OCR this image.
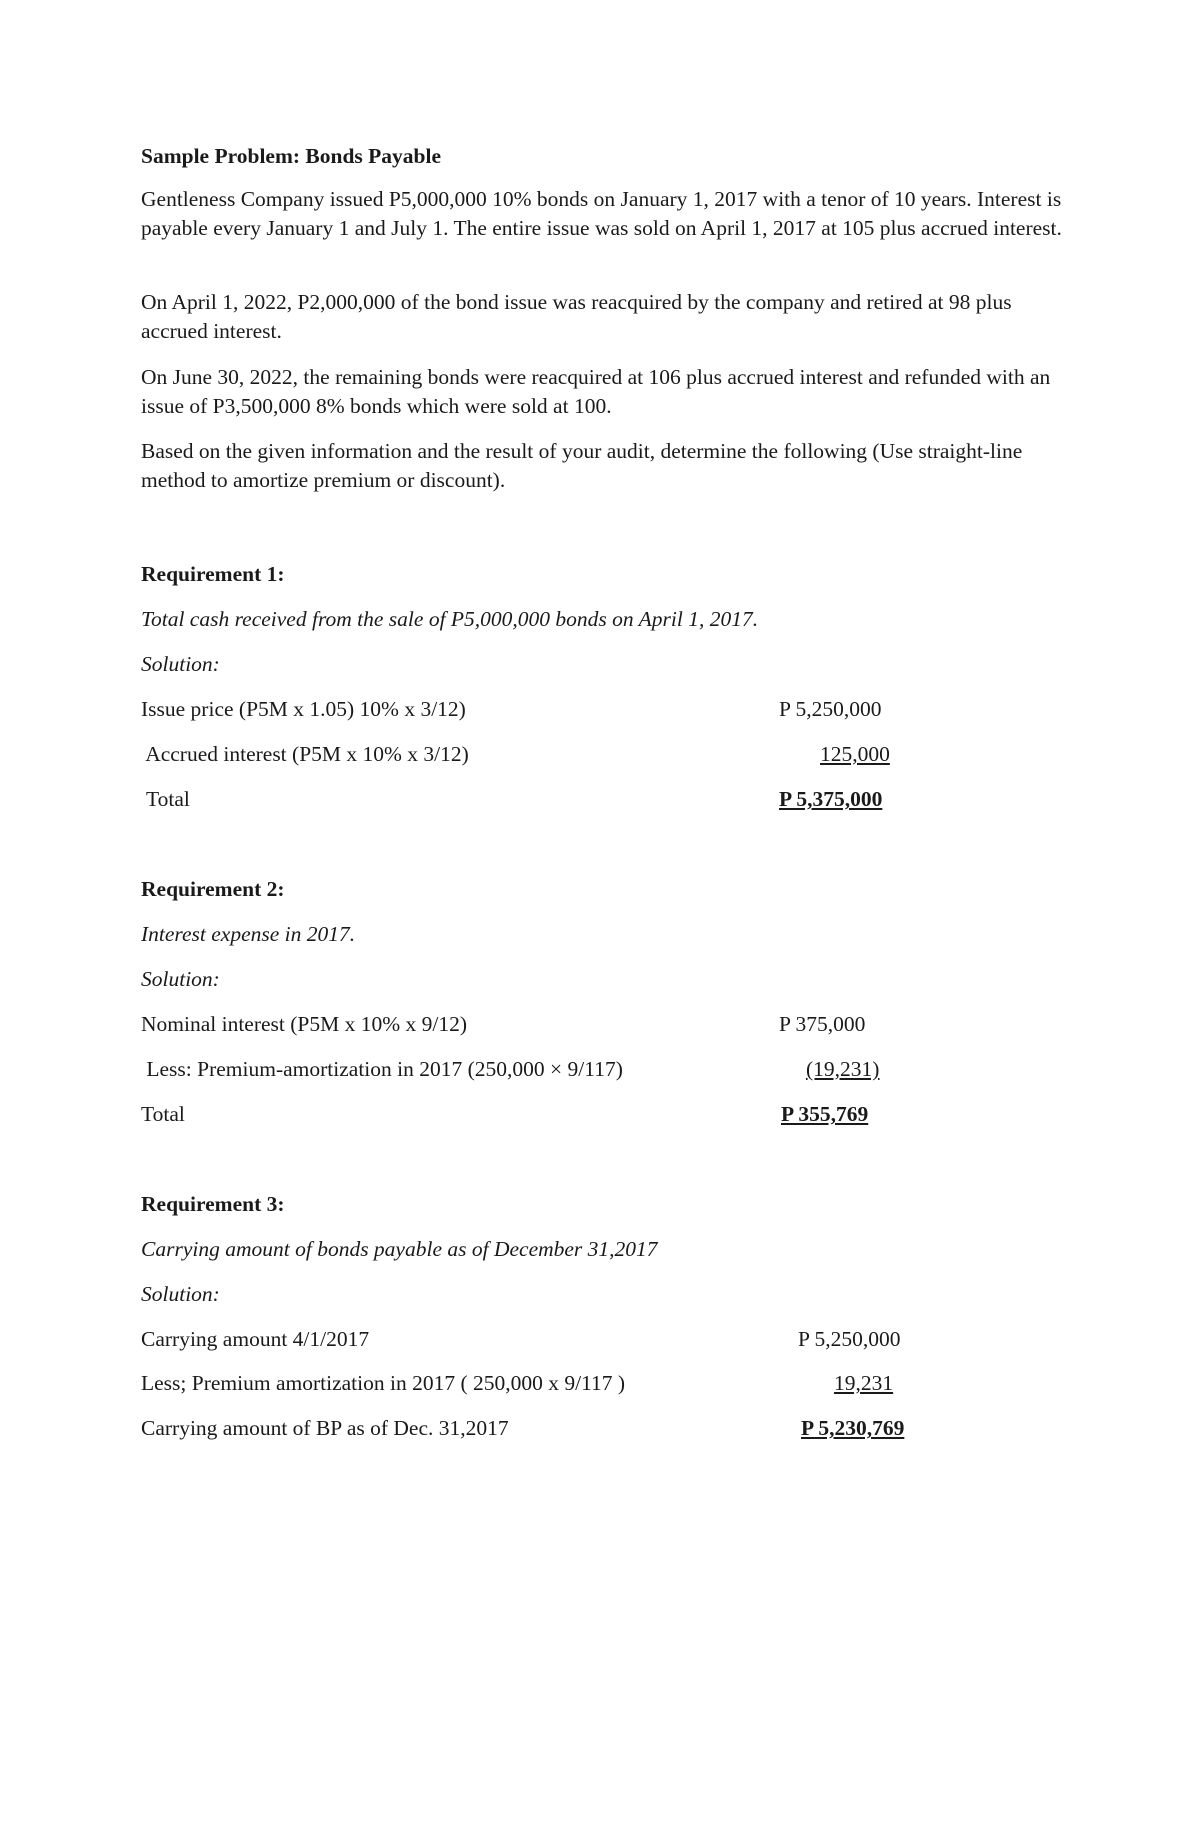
Sample Problem: Bonds Payable

Gentleness Company issued P5,000,000 10% bonds on January 1, 2017 with a tenor of 10 years. Interest is payable every January 1 and July 1. The entire issue was sold on April 1, 2017 at 105 plus accrued interest.

On April 1, 2022, P2,000,000 of the bond issue was reacquired by the company and retired at 98 plus accrued interest.

On June 30, 2022, the remaining bonds were reacquired at 106 plus accrued interest and refunded with an issue of P3,500,000 8% bonds which were sold at 100.

Based on the given information and the result of your audit, determine the following (Use straight-line method to amortize premium or discount).

Requirement 1:
Total cash received from the sale of P5,000,000 bonds on April 1, 2017.
Solution:
Issue price (P5M x 1.05) 10% x 3/12)	P 5,250,000
Accrued interest (P5M x 10% x 3/12)	125,000
Total	P 5,375,000
Requirement 2:
Interest expense in 2017.
Solution:
Nominal interest (P5M x 10% x 9/12)	P 375,000
Less: Premium-amortization in 2017 (250,000 × 9/117)	(19,231)
Total	P 355,769
Requirement 3:
Carrying amount of bonds payable as of December 31,2017
Solution:
Carrying amount 4/1/2017	P 5,250,000
Less; Premium amortization in 2017 ( 250,000 x 9/117 )	19,231
Carrying amount of BP as of Dec. 31,2017	P 5,230,769
